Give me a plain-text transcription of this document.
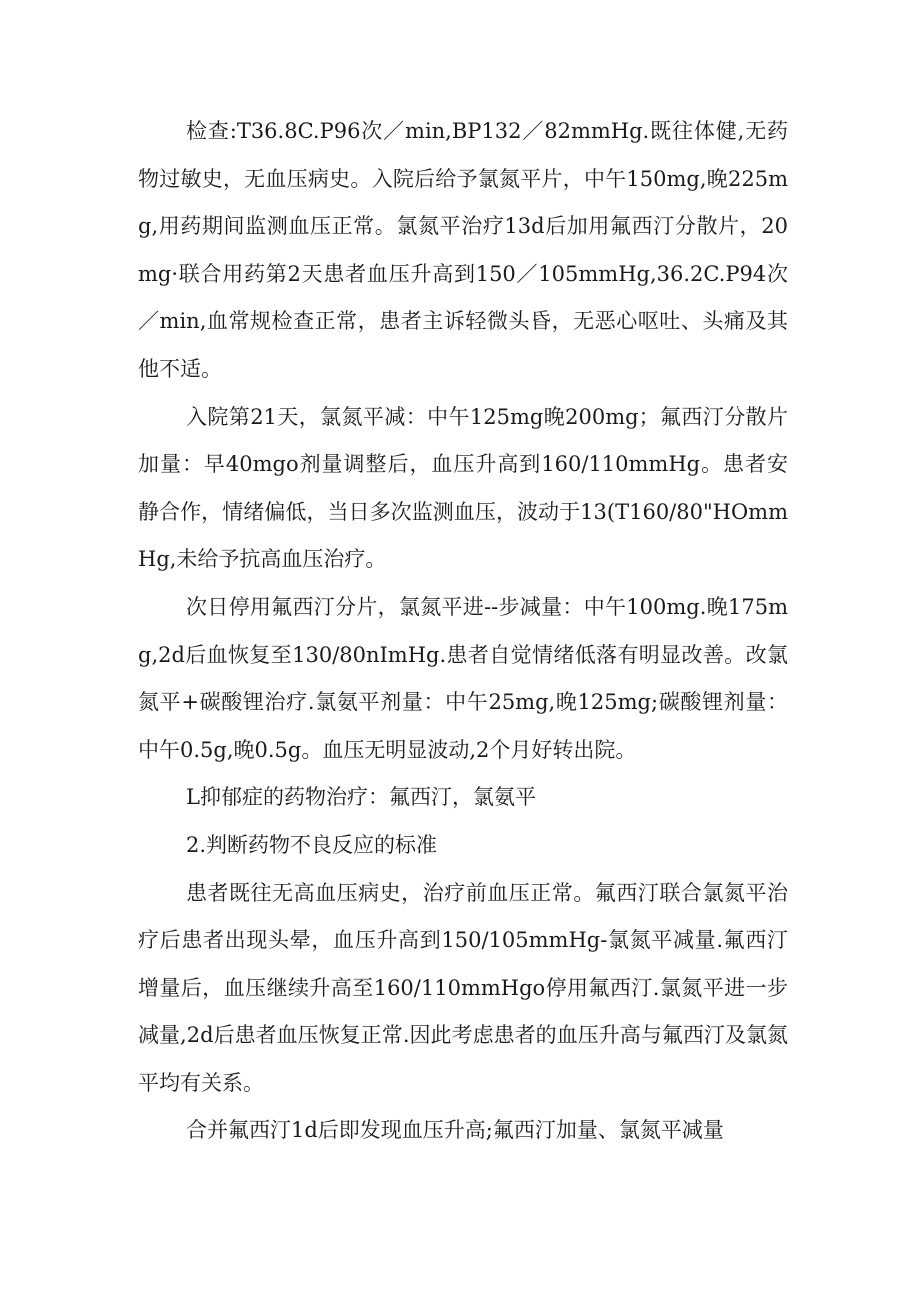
检查:T36.8C.P96次／min,BP132／82mmHg.既往体健,无药物过敏史，无血压病史。入院后给予氯氮平片，中午150mg,晚225mg,用药期间监测血压正常。氯氮平治疗13d后加用氟西汀分散片，20mg·联合用药第2天患者血压升高到150／105mmHg,36.2C.P94次／min,血常规检查正常，患者主诉轻微头昏，无恶心呕吐、头痛及其他不适。

入院第21天，氯氮平减：中午125mg晚200mg；氟西汀分散片加量：早40mgo剂量调整后，血压升高到160/110mmHg。患者安静合作，情绪偏低，当日多次监测血压，波动于13(T160/80"HOmmHg,未给予抗高血压治疗。

次日停用氟西汀分片，氯氮平进--步减量：中午100mg.晚175mg,2d后血恢复至130/80nImHg.患者自觉情绪低落有明显改善。改氯氮平+碳酸锂治疗.氯氨平剂量：中午25mg,晚125mg;碳酸锂剂量：中午0.5g,晚0.5g。血压无明显波动,2个月好转出院。

L抑郁症的药物治疗：氟西汀，氯氨平

2.判断药物不良反应的标准

患者既往无高血压病史，治疗前血压正常。氟西汀联合氯氮平治疗后患者出现头晕，血压升高到150/105mmHg-氯氮平减量.氟西汀增量后，血压继续升高至160/110mmHgo停用氟西汀.氯氮平进一步减量,2d后患者血压恢复正常.因此考虑患者的血压升高与氟西汀及氯氮平均有关系。

合并氟西汀1d后即发现血压升高;氟西汀加量、氯氮平减量
